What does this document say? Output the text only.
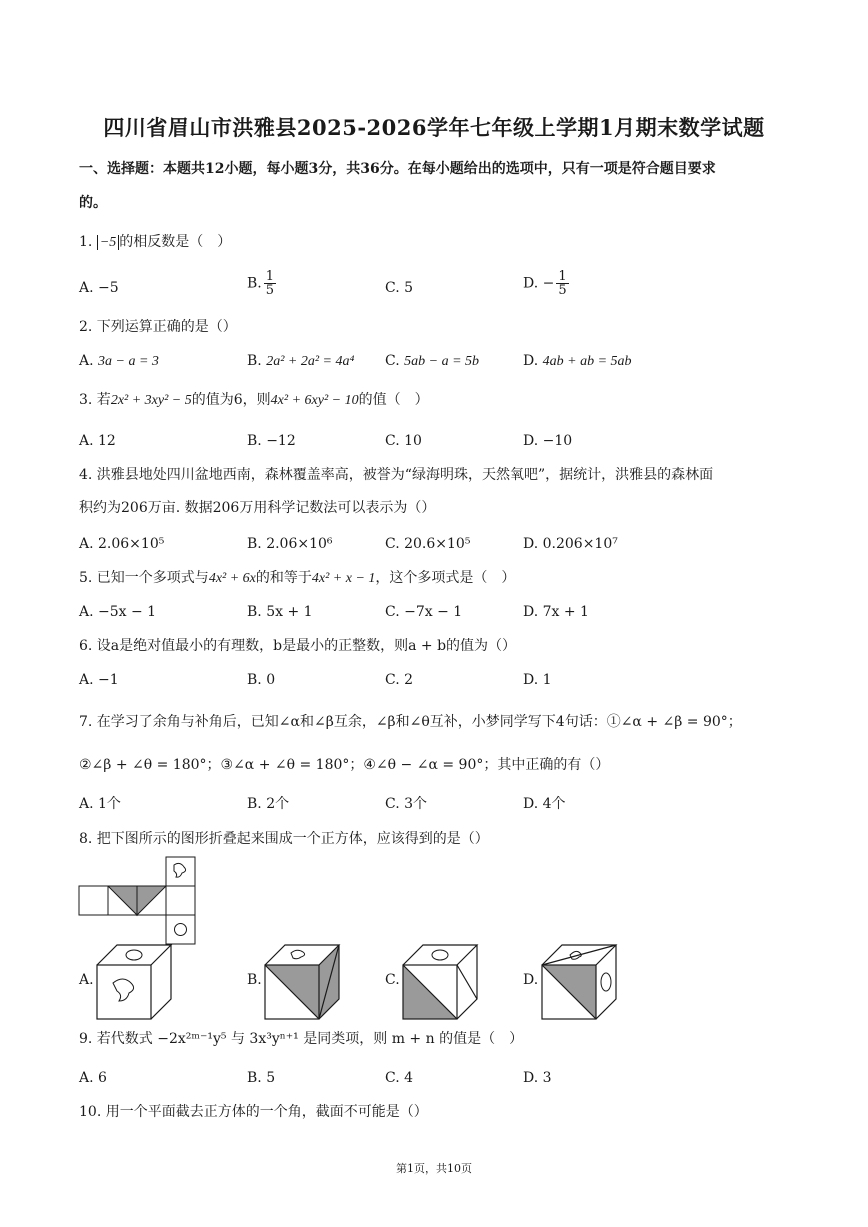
四川省眉山市洪雅县2025-2026学年七年级上学期1月期末数学试题
一、选择题：本题共12小题，每小题3分，共36分。在每小题给出的选项中，只有一项是符合题目要求
的。
1. −5 的相反数是（　）
A. −5	B. $\frac{1}{5}$	C. 5	D. − $\frac{1}{5}$
2. 下列运算正确的是（）
A. 3a − a = 3	B. 2a² + 2a² = 4a⁴ C. 5ab − a = 5b	D. 4ab + ab = 5ab
3. 若2x² + 3xy² − 5的值为6，则4x² + 6xy² − 10的值（　）
A. 12	B. −12	C. 10	D. −10
4. 洪雅县地处四川盆地西南，森林覆盖率高，被誉为“绿海明珠，天然氧吧”，据统计，洪雅县的森林面
积约为206万亩. 数据206万用科学记数法可以表示为（）
A. 2.06×10⁵	B. 2.06×10⁶	C. 20.6×10⁵	D. 0.206×10⁷
5. 已知一个多项式与4x² + 6x的和等于4x² + x − 1，这个多项式是（　）
A. −5x − 1	B. 5x + 1	C. −7x − 1	D. 7x + 1
6. 设a是绝对值最小的有理数，b是最小的正整数，则a + b的值为（）
A. −1	B. 0	C. 2	D. 1
7. 在学习了余角与补角后，已知∠α和∠β互余，∠β和∠θ互补，小梦同学写下4句话：①∠α + ∠β = 90°；
②∠β + ∠θ = 180°；③∠α + ∠θ = 180°；④∠θ − ∠α = 90°；其中正确的有（）
A. 1个	B. 2个	C. 3个	D. 4个
8. 把下图所示的图形折叠起来围成一个正方体，应该得到的是（）
A.	B.	C.	D.
9. 若代数式 −2x²ᵐ⁻¹y⁵ 与 3x³yⁿ⁺¹ 是同类项，则 m + n 的值是（　）
A. 6	B. 5	C. 4	D. 3
10. 用一个平面截去正方体的一个角，截面不可能是（）
第1页，共10页
